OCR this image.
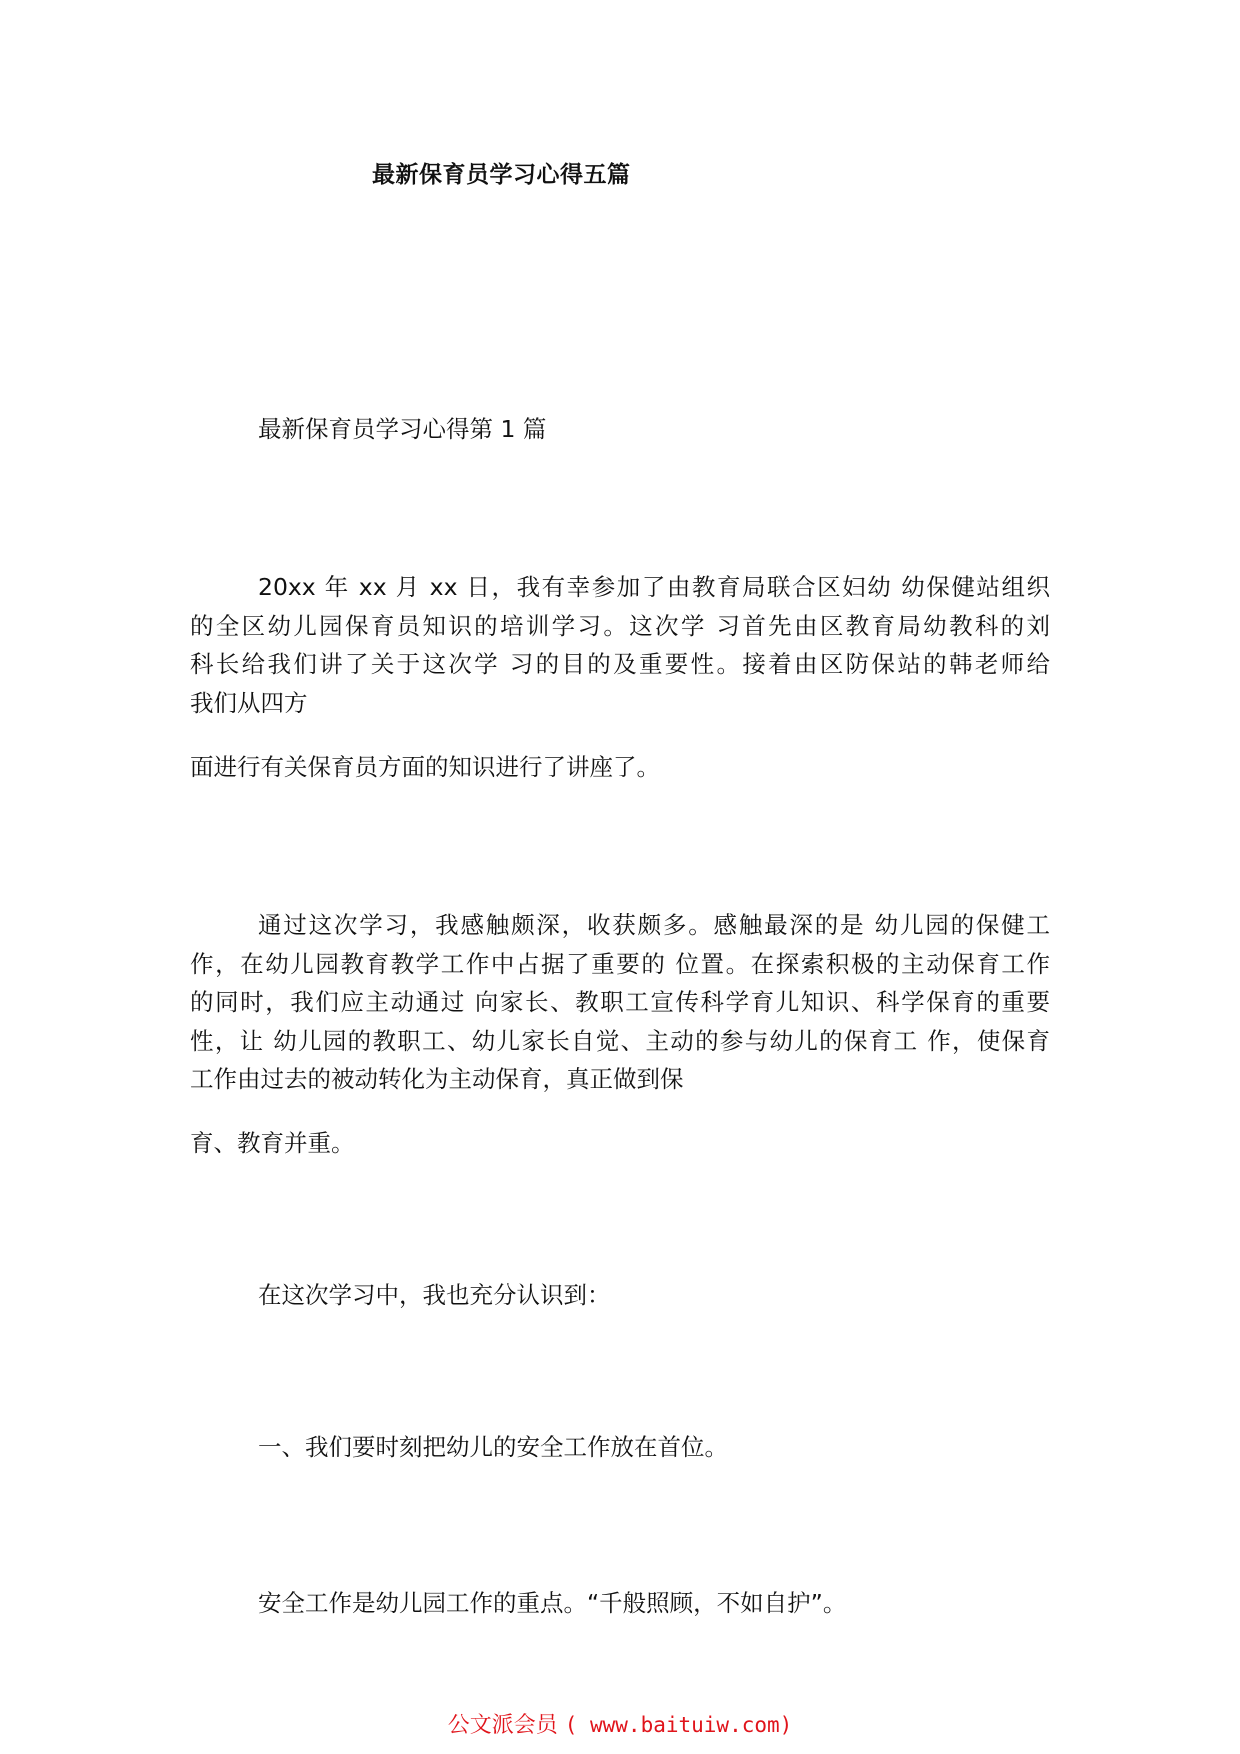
最新保育员学习心得五篇
最新保育员学习心得第 1 篇
20xx 年 xx 月 xx 日，我有幸参加了由教育局联合区妇幼 幼保健站组织
的全区幼儿园保育员知识的培训学习。这次学 习首先由区教育局幼教科的刘
科长给我们讲了关于这次学 习的目的及重要性。接着由区防保站的韩老师给
我们从四方
面进行有关保育员方面的知识进行了讲座了。
通过这次学习，我感触颇深，收获颇多。感触最深的是 幼儿园的保健工
作，在幼儿园教育教学工作中占据了重要的 位置。在探索积极的主动保育工作
的同时，我们应主动通过 向家长、教职工宣传科学育儿知识、科学保育的重要
性，让 幼儿园的教职工、幼儿家长自觉、主动的参与幼儿的保育工 作，使保育
工作由过去的被动转化为主动保育，真正做到保
育、教育并重。
在这次学习中，我也充分认识到：
一、我们要时刻把幼儿的安全工作放在首位。
安全工作是幼儿园工作的重点。“千般照顾，不如自护”。
公文派会员 ( www.baituiw.com)
